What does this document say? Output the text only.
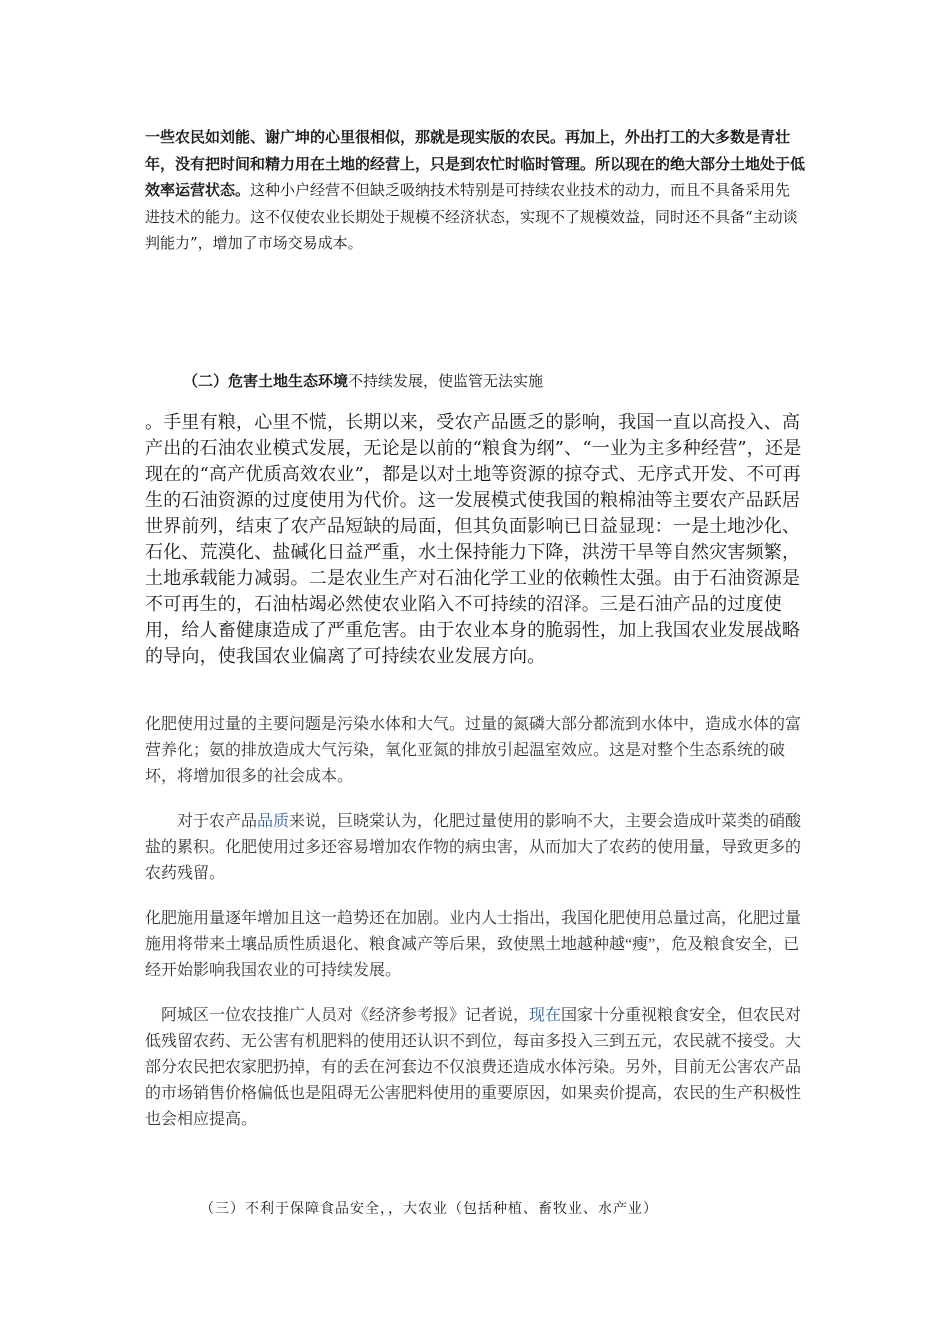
一些农民如刘能、谢广坤的心里很相似，那就是现实版的农民。再加上，外出打工的大多数是青壮年，没有把时间和精力用在土地的经营上，只是到农忙时临时管理。所以现在的绝大部分土地处于低效率运营状态。这种小户经营不但缺乏吸纳技术特别是可持续农业技术的动力，而且不具备采用先进技术的能力。这不仅使农业长期处于规模不经济状态，实现不了规模效益，同时还不具备“主动谈判能力”，增加了市场交易成本。

（二）危害土地生态环境不持续发展，使监管无法实施

。手里有粮，心里不慌，长期以来，受农产品匮乏的影响，我国一直以高投入、高产出的石油农业模式发展，无论是以前的“粮食为纲”、“一业为主多种经营”，还是现在的“高产优质高效农业”，都是以对土地等资源的掠夺式、无序式开发、不可再生的石油资源的过度使用为代价。这一发展模式使我国的粮棉油等主要农产品跃居世界前列，结束了农产品短缺的局面，但其负面影响已日益显现：一是土地沙化、石化、荒漠化、盐碱化日益严重，水土保持能力下降，洪涝干旱等自然灾害频繁，土地承载能力减弱。二是农业生产对石油化学工业的依赖性太强。由于石油资源是不可再生的，石油枯竭必然使农业陷入不可持续的沼泽。三是石油产品的过度使用，给人畜健康造成了严重危害。由于农业本身的脆弱性，加上我国农业发展战略的导向，使我国农业偏离了可持续农业发展方向。

化肥使用过量的主要问题是污染水体和大气。过量的氮磷大部分都流到水体中，造成水体的富营养化；氨的排放造成大气污染，氧化亚氮的排放引起温室效应。这是对整个生态系统的破坏，将增加很多的社会成本。

对于农产品品质来说，巨晓棠认为，化肥过量使用的影响不大，主要会造成叶菜类的硝酸盐的累积。化肥使用过多还容易增加农作物的病虫害，从而加大了农药的使用量，导致更多的农药残留。

化肥施用量逐年增加且这一趋势还在加剧。业内人士指出，我国化肥使用总量过高，化肥过量施用将带来土壤品质性质退化、粮食减产等后果，致使黑土地越种越“瘦”，危及粮食安全，已经开始影响我国农业的可持续发展。

阿城区一位农技推广人员对《经济参考报》记者说，现在国家十分重视粮食安全，但农民对低残留农药、无公害有机肥料的使用还认识不到位，每亩多投入三到五元，农民就不接受。大部分农民把农家肥扔掉，有的丢在河套边不仅浪费还造成水体污染。另外，目前无公害农产品的市场销售价格偏低也是阻碍无公害肥料使用的重要原因，如果卖价提高，农民的生产积极性也会相应提高。

（三）不利于保障食品安全，，大农业（包括种植、畜牧业、水产业）
